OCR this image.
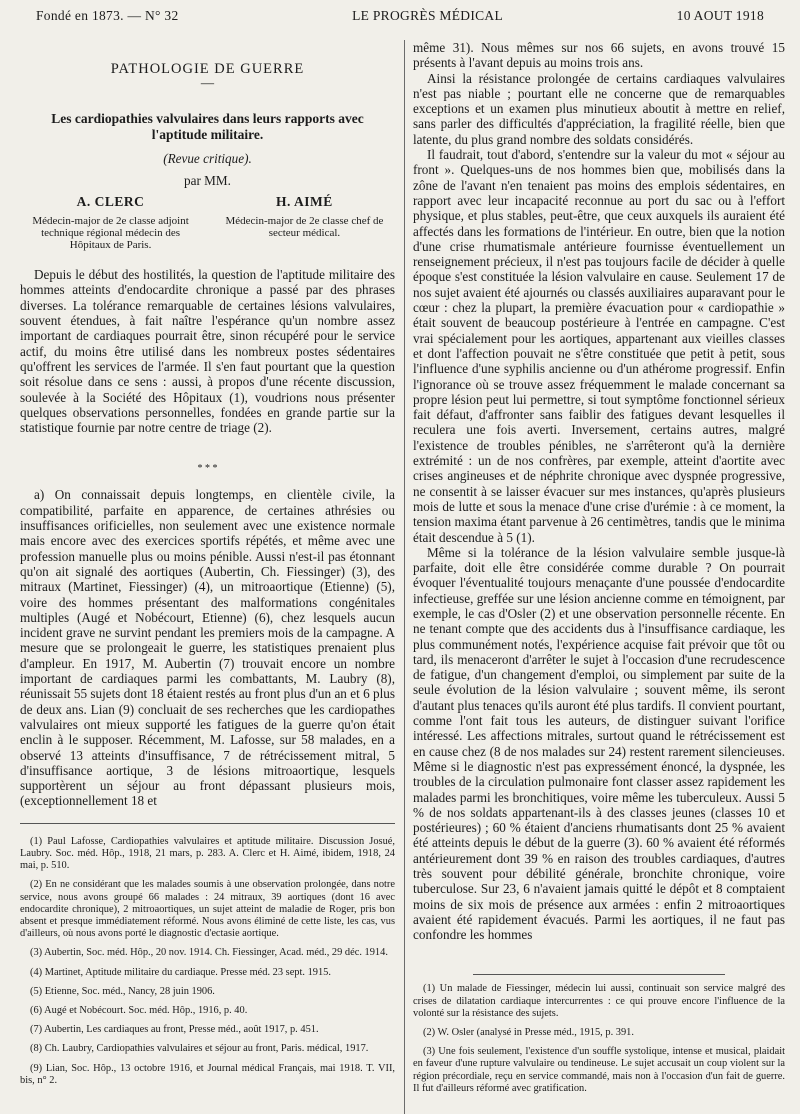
Fondé en 1873. — N° 32	LE PROGRÈS MÉDICAL	10 AOUT 1918

PATHOLOGIE DE GUERRE

—

Les cardiopathies valvulaires dans leurs rapports avec l'aptitude militaire.

(Revue critique).

par MM.

A. CLERC
Médecin-major de 2e classe adjoint technique régional médecin des Hôpitaux de Paris.
H. AIMÉ
Médecin-major de 2e classe chef de secteur médical.

Depuis le début des hostilités, la question de l'aptitude militaire des hommes atteints d'endocardite chronique a passé par des phrases diverses. La tolérance remarquable de certaines lésions valvulaires, souvent étendues, à fait naître l'espérance qu'un nombre assez important de cardiaques pourrait être, sinon récupéré pour le service actif, du moins être utilisé dans les nombreux postes sédentaires qu'offrent les services de l'armée. Il s'en faut pourtant que la question soit résolue dans ce sens : aussi, à propos d'une récente discussion, soulevée à la Société des Hôpitaux (1), voudrions nous présenter quelques observations personnelles, fondées en grande partie sur la statistique fournie par notre centre de triage (2).

* * *

a) On connaissait depuis longtemps, en clientèle civile, la compatibilité, parfaite en apparence, de certaines athrésies ou insuffisances orificielles, non seulement avec une existence normale mais encore avec des exercices sportifs répétés, et même avec une profession manuelle plus ou moins pénible. Aussi n'est-il pas étonnant qu'on ait signalé des aortiques (Aubertin, Ch. Fiessinger) (3), des mitraux (Martinet, Fiessinger) (4), un mitroaortique (Etienne) (5), voire des hommes présentant des malformations congénitales multiples (Augé et Nobécourt, Etienne) (6), chez lesquels aucun incident grave ne survint pendant les premiers mois de la campagne. A mesure que se prolongeait le guerre, les statistiques prenaient plus d'ampleur. En 1917, M. Aubertin (7) trouvait encore un nombre important de cardiaques parmi les combattants, M. Laubry (8), réunissait 55 sujets dont 18 étaient restés au front plus d'un an et 6 plus de deux ans. Lian (9) concluait de ses recherches que les cardiopathes valvulaires ont mieux supporté les fatigues de la guerre qu'on était enclin à le supposer. Récemment, M. Lafosse, sur 58 malades, en a observé 13 atteints d'insuffisance, 7 de rétrécissement mitral, 5 d'insuffisance aortique, 3 de lésions mitroaortique, lesquels supportèrent un séjour au front dépassant plusieurs mois, (exceptionnellement 18 et

(1) Paul Lafosse, Cardiopathies valvulaires et aptitude militaire. Discussion Josué, Laubry. Soc. méd. Hôp., 1918, 21 mars, p. 283. A. Clerc et H. Aimé, ibidem, 1918, 24 mai, p. 510.

(2) En ne considérant que les malades soumis à une observation prolongée, dans notre service, nous avons groupé 66 malades : 24 mitraux, 39 aortiques (dont 16 avec endocardite chronique), 2 mitroaortiques, un sujet atteint de maladie de Roger, pris bon absent et presque immédiatement réformé. Nous avons éliminé de cette liste, les cas, vus d'ailleurs, où nous avons porté le diagnostic d'ectasie aortique.

(3) Aubertin, Soc. méd. Hôp., 20 nov. 1914. Ch. Fiessinger, Acad. méd., 29 déc. 1914.

(4) Martinet, Aptitude militaire du cardiaque. Presse méd. 23 sept. 1915.

(5) Etienne, Soc. méd., Nancy, 28 juin 1906.

(6) Augé et Nobécourt. Soc. méd. Hôp., 1916, p. 40.

(7) Aubertin, Les cardiaques au front, Presse méd., août 1917, p. 451.

(8) Ch. Laubry, Cardiopathies valvulaires et séjour au front, Paris. médical, 1917.

(9) Lian, Soc. Hôp., 13 octobre 1916, et Journal médical Français, mai 1918. T. VII, bis, n° 2.

même 31). Nous mêmes sur nos 66 sujets, en avons trouvé 15 présents à l'avant depuis au moins trois ans.

Ainsi la résistance prolongée de certains cardiaques valvulaires n'est pas niable ; pourtant elle ne concerne que de remarquables exceptions et un examen plus minutieux aboutit à mettre en relief, sans parler des difficultés d'appréciation, la fragilité réelle, bien que latente, du plus grand nombre des soldats considérés.

Il faudrait, tout d'abord, s'entendre sur la valeur du mot « séjour au front ». Quelques-uns de nos hommes bien que, mobilisés dans la zône de l'avant n'en tenaient pas moins des emplois sédentaires, en rapport avec leur incapacité reconnue au port du sac ou à l'effort physique, et plus stables, peut-être, que ceux auxquels ils auraient été affectés dans les formations de l'intérieur. En outre, bien que la notion d'une crise rhumatismale antérieure fournisse éventuellement un renseignement précieux, il n'est pas toujours facile de décider à quelle époque s'est constituée la lésion valvulaire en cause. Seulement 17 de nos sujet avaient été ajournés ou classés auxiliaires auparavant pour le cœur : chez la plupart, la première évacuation pour « cardiopathie » était souvent de beaucoup postérieure à l'entrée en campagne. C'est vrai spécialement pour les aortiques, appartenant aux vieilles classes et dont l'affection pouvait ne s'être constituée que petit à petit, sous l'influence d'une syphilis ancienne ou d'un athérome progressif. Enfin l'ignorance où se trouve assez fréquemment le malade concernant sa propre lésion peut lui permettre, si tout symptôme fonctionnel sérieux fait défaut, d'affronter sans faiblir des fatigues devant lesquelles il reculera une fois averti. Inversement, certains autres, malgré l'existence de troubles pénibles, ne s'arrêteront qu'à la dernière extrémité : un de nos confrères, par exemple, atteint d'aortite avec crises angineuses et de néphrite chronique avec dyspnée progressive, ne consentit à se laisser évacuer sur mes instances, qu'après plusieurs mois de lutte et sous la menace d'une crise d'urémie : à ce moment, la tension maxima étant parvenue à 26 centimètres, tandis que le minima était descendue à 5 (1).

Même si la tolérance de la lésion valvulaire semble jusque-là parfaite, doit elle être considérée comme durable ? On pourrait évoquer l'éventualité toujours menaçante d'une poussée d'endocardite infectieuse, greffée sur une lésion ancienne comme en témoignent, par exemple, le cas d'Osler (2) et une observation personnelle récente. En ne tenant compte que des accidents dus à l'insuffisance cardiaque, les plus communément notés, l'expérience acquise fait prévoir que tôt ou tard, ils menaceront d'arrêter le sujet à l'occasion d'une recrudescence de fatigue, d'un changement d'emploi, ou simplement par suite de la seule évolution de la lésion valvulaire ; souvent même, ils seront d'autant plus tenaces qu'ils auront été plus tardifs. Il convient pourtant, comme l'ont fait tous les auteurs, de distinguer suivant l'orifice intéressé. Les affections mitrales, surtout quand le rétrécissement est en cause chez (8 de nos malades sur 24) restent rarement silencieuses. Même si le diagnostic n'est pas expressément énoncé, la dyspnée, les troubles de la circulation pulmonaire font classer assez rapidement les malades parmi les bronchitiques, voire même les tuberculeux. Aussi 5 % de nos soldats appartenant-ils à des classes jeunes (classes 10 et postérieures) ; 60 % étaient d'anciens rhumatisants dont 25 % avaient été atteints depuis le début de la guerre (3). 60 % avaient été réformés antérieurement dont 39 % en raison des troubles cardiaques, d'autres très souvent pour débilité générale, bronchite chronique, voire tuberculose. Sur 23, 6 n'avaient jamais quitté le dépôt et 8 comptaient moins de six mois de présence aux armées : enfin 2 mitroaortiques avaient été rapidement évacués. Parmi les aortiques, il ne faut pas confondre les hommes

(1) Un malade de Fiessinger, médecin lui aussi, continuait son service malgré des crises de dilatation cardiaque intercurrentes : ce qui prouve encore l'influence de la volonté sur la résistance des sujets.

(2) W. Osler (analysé in Presse méd., 1915, p. 391.

(3) Une fois seulement, l'existence d'un souffle systolique, intense et musical, plaidait en faveur d'une rupture valvulaire ou tendineuse. Le sujet accusait un coup violent sur la région précordiale, reçu en service commandé, mais non à l'occasion d'un fait de guerre. Il fut d'ailleurs réformé avec gratification.
